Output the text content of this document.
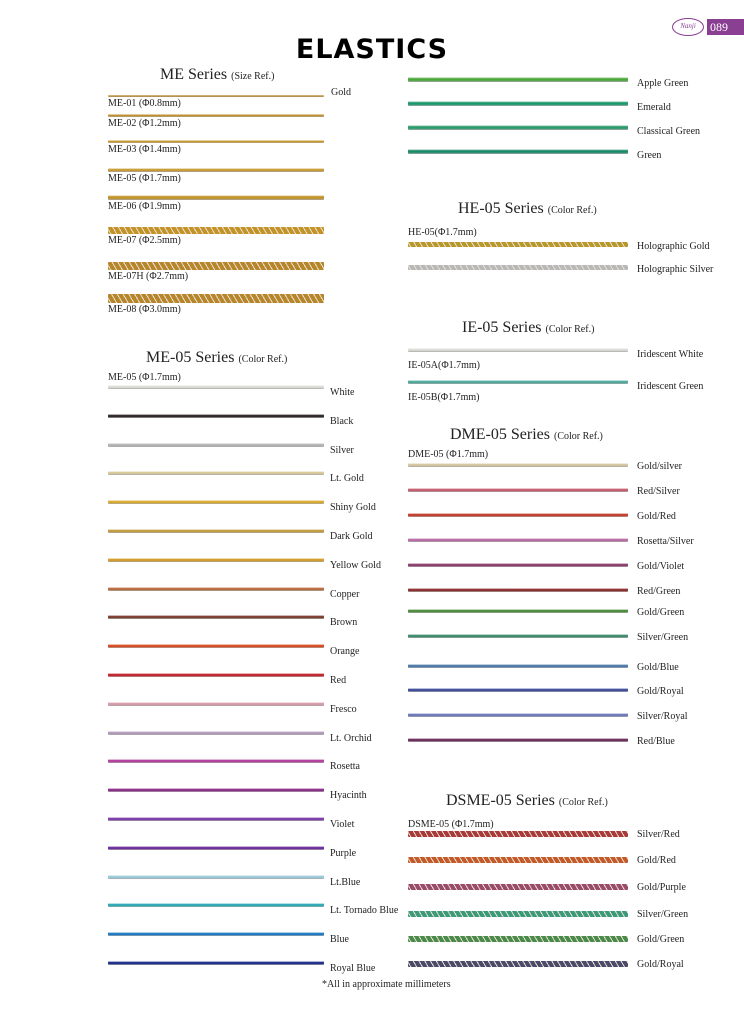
ELASTICS
Nanji	089
ME Series (Size Ref.)
Gold
ME-01 (Φ0.8mm)
ME-02 (Φ1.2mm)
ME-03 (Φ1.4mm)
ME-05 (Φ1.7mm)
ME-06 (Φ1.9mm)
ME-07 (Φ2.5mm)
ME-07H (Φ2.7mm)
ME-08 (Φ3.0mm)
ME-05 Series (Color Ref.)
ME-05 (Φ1.7mm)
White
Black
Silver
Lt. Gold
Shiny Gold
Dark Gold
Yellow Gold
Copper
Brown
Orange
Red
Fresco
Lt. Orchid
Rosetta
Hyacinth
Violet
Purple
Lt.Blue
Lt. Tornado Blue
Blue
Royal Blue
Apple Green
Emerald
Classical Green
Green
HE-05 Series (Color Ref.)
HE-05(Φ1.7mm)
Holographic Gold
Holographic Silver
IE-05 Series (Color Ref.)
Iridescent White
IE-05A(Φ1.7mm)
Iridescent Green
IE-05B(Φ1.7mm)
DME-05 Series (Color Ref.)
DME-05 (Φ1.7mm)
Gold/silver
Red/Silver
Gold/Red
Rosetta/Silver
Gold/Violet
Red/Green
Gold/Green
Silver/Green
Gold/Blue
Gold/Royal
Silver/Royal
Red/Blue
DSME-05 Series (Color Ref.)
DSME-05 (Φ1.7mm)
Silver/Red
Gold/Red
Gold/Purple
Silver/Green
Gold/Green
Gold/Royal
*All in approximate millimeters
